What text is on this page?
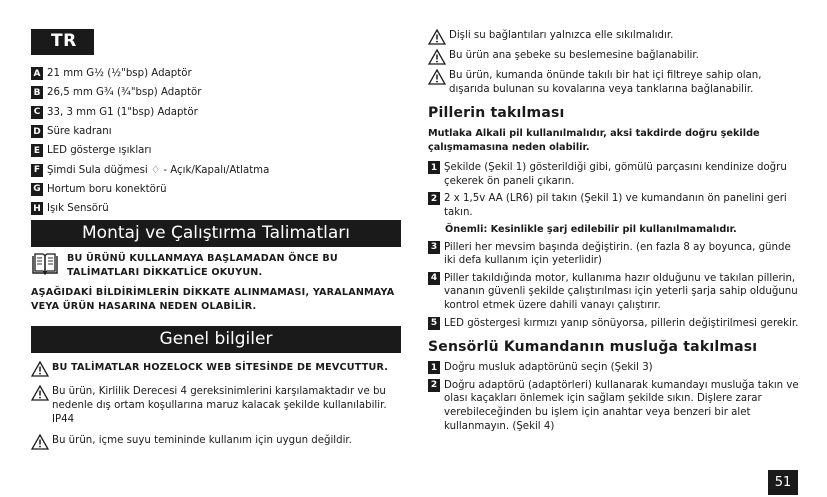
TR
A 21 mm G½ (½"bsp) Adaptör
B 26,5 mm G¾ (¾"bsp) Adaptör
C 33, 3 mm G1 (1"bsp) Adaptör
D Süre kadranı
E LED gösterge ışıkları
F Şimdi Sula düğmesi ♢ - Açık/Kapalı/Atlatma
G Hortum boru konektörü
H Işık Sensörü
Montaj ve Çalıştırma Talimatları
BU ÜRÜNÜ KULLANMAYA BAŞLAMADAN ÖNCE BU TALİMATLARI DİKKATLİCE OKUYUN.
AŞAĞIDAKİ BİLDİRİMLERİN DİKKATE ALINMAMASI, YARALANMAYA VEYA ÜRÜN HASARINA NEDEN OLABİLİR.
Genel bilgiler
BU TALİMATLAR HOZELOCK WEB SİTESİNDE DE MEVCUTTUR.
Bu ürün, Kirlilik Derecesi 4 gereksinimlerini karşılamaktadır ve bu nedenle dış ortam koşullarına maruz kalacak şekilde kullanılabilir. IP44
Bu ürün, içme suyu temininde kullanım için uygun değildir.
Dişli su bağlantıları yalnızca elle sıkılmalıdır.
Bu ürün ana şebeke su beslemesine bağlanabilir.
Bu ürün, kumanda önünde takılı bir hat içi filtreye sahip olan, dışarıda bulunan su kovalarına veya tanklarına bağlanabilir.
Pillerin takılması
Mutlaka Alkali pil kullanılmalıdır, aksi takdirde doğru şekilde çalışmamasına neden olabilir.
1 Şekilde (Şekil 1) gösterildiği gibi, gömülü parçasını kendinize doğru çekerek ön paneli çıkarın.
2 2 x 1,5v AA (LR6) pil takın (Şekil 1) ve kumandanın ön panelini geri takın.
Önemli: Kesinlikle şarj edilebilir pil kullanılmamalıdır.
3 Pilleri her mevsim başında değiştirin. (en fazla 8 ay boyunca, günde iki defa kullanım için yeterlidir)
4 Piller takıldığında motor, kullanıma hazır olduğunu ve takılan pillerin, vananın güvenli şekilde çalıştırılması için yeterli şarja sahip olduğunu kontrol etmek üzere dahili vanayı çalıştırır.
5 LED göstergesi kırmızı yanıp sönüyorsa, pillerin değiştirilmesi gerekir.
Sensörlü Kumandanın musluğa takılması
1 Doğru musluk adaptörünü seçin (Şekil 3)
2 Doğru adaptörü (adaptörleri) kullanarak kumandayı musluğa takın ve olası kaçakları önlemek için sağlam şekilde sıkın. Dişlere zarar verebileceğinden bu işlem için anahtar veya benzeri bir alet kullanmayın. (Şekil 4)
51
